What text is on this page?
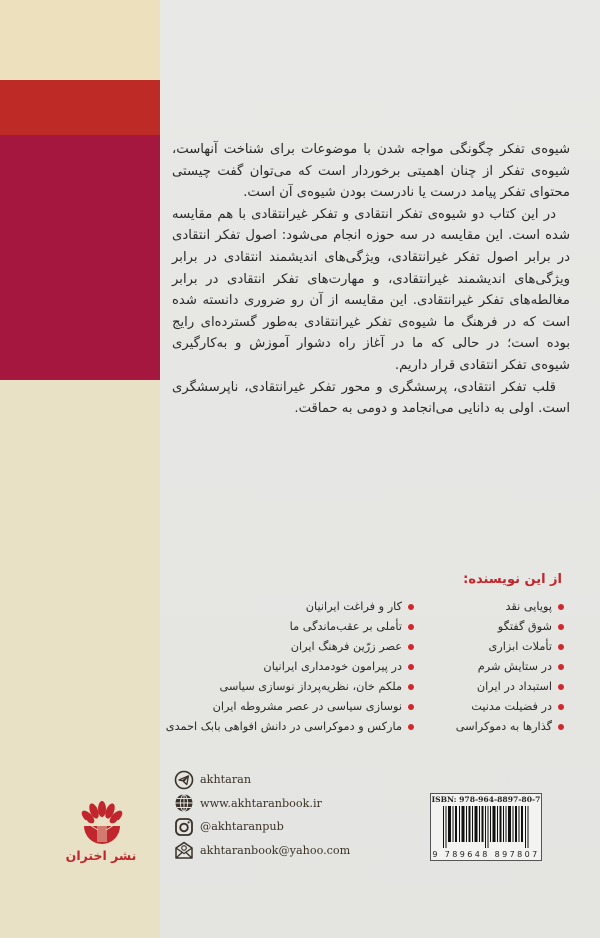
شیوه‌ی تفکر چگونگی مواجه شدن با موضوعات برای شناخت آنهاست، شیوه‌ی تفکر از چنان اهمیتی برخوردار است که می‌توان گفت چیستی محتوای تفکر پیامد درست یا نادرست بودن شیوه‌ی آن است.

در این کتاب دو شیوه‌ی تفکر انتقادی و تفکر غیرانتقادی با هم مقایسه شده است. این مقایسه در سه حوزه انجام می‌شود: اصول تفکر انتقادی در برابر اصول تفکر غیرانتقادی، ویژگی‌های اندیشمند انتقادی در برابر ویژگی‌های اندیشمند غیرانتقادی، و مهارت‌های تفکر انتقادی در برابر مغالطه‌های تفکر غیرانتقادی. این مقایسه از آن رو ضروری دانسته شده است که در فرهنگ ما شیوه‌ی تفکر غیرانتقادی به‌طور گسترده‌ای رایج بوده است؛ در حالی که ما در آغاز راه دشوار آموزش و به‌کارگیری شیوه‌ی تفکر انتقادی قرار داریم.

قلب تفکر انتقادی، پرسشگری و محور تفکر غیرانتقادی، ناپرسشگری است. اولی به دانایی می‌انجامد و دومی به حماقت.

از این نویسنده:
پویایی نقد
شوق گفتگو
تأملات ابزاری
در ستایش شرم
استبداد در ایران
در فضیلت مدنیت
گذارها به دموکراسی
کار و فراغت ایرانیان
تأملی بر عقب‌ماندگی ما
عصر زرّین فرهنگ ایران
در پیرامون خودمداری ایرانیان
ملکم خان، نظریه‌پرداز نوسازی سیاسی
نوسازی سیاسی در عصر مشروطه ایران
مارکس و دموکراسی در دانش افواهی بابک احمدی
akhtaran
www.akhtaranbook.ir
@akhtaranpub
akhtaranbook@yahoo.com
ISBN: 978-964-8897-80-7
9 789648 897807
نشر اختران
